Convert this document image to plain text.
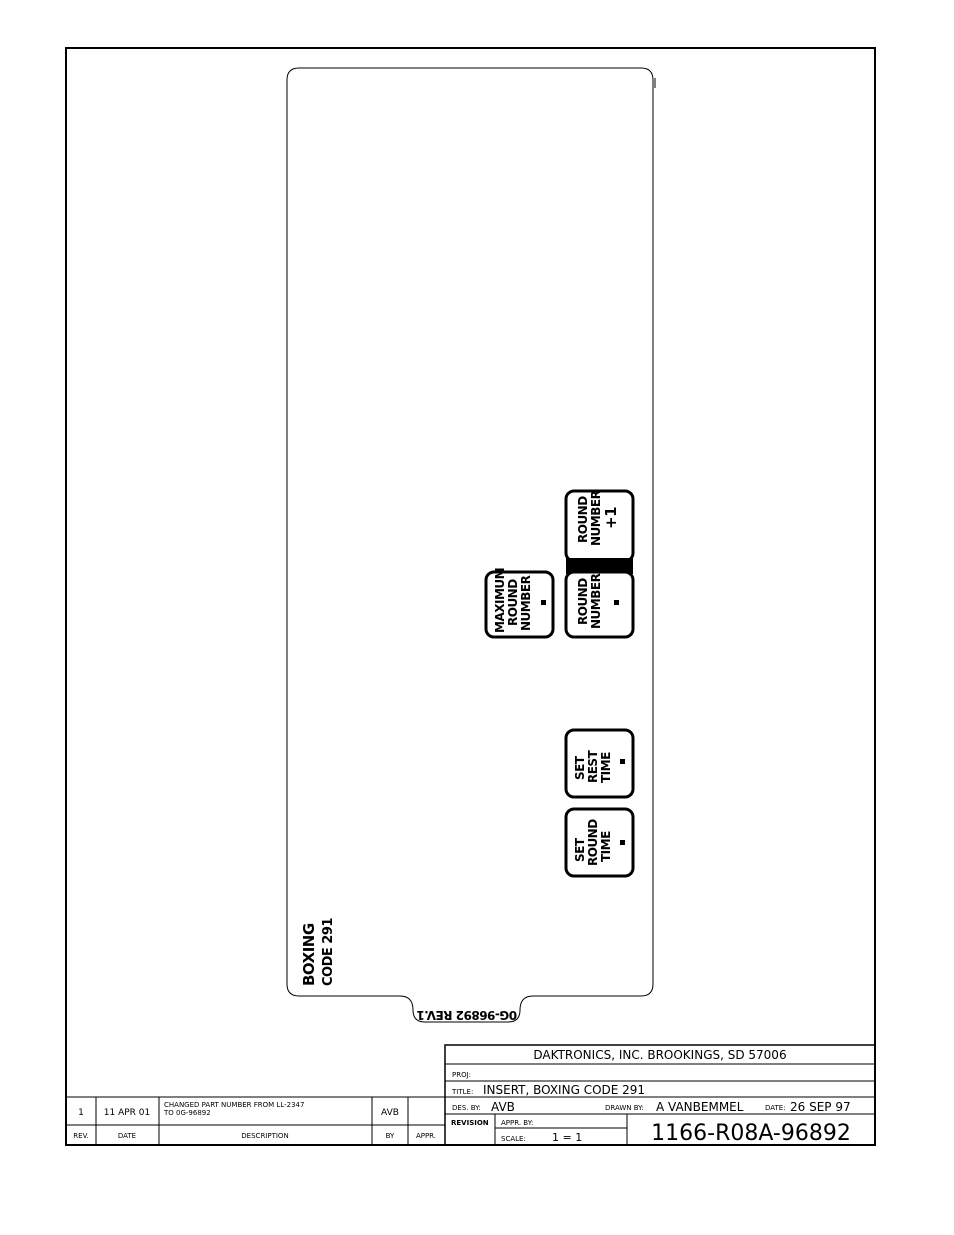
BOXING CODE 291
0G-96892 REV.1
ROUND NUMBER +1
ROUND NUMBER
MAXIMUM ROUND NUMBER
SET REST TIME
SET ROUND TIME
DAKTRONICS, INC. BROOKINGS, SD 57006
PROJ:
TITLE: INSERT, BOXING CODE 291
DES. BY: AVB	DRAWN BY: A VANBEMMEL	DATE: 26 SEP 97
REVISION APPR. BY:
SCALE: 1 = 1	1166-R08A-96892
1 11 APR 01
CHANGED PART NUMBER FROM LL-2347
TO 0G-96892	AVB
REV.	DATE	DESCRIPTION	BY	APPR.
